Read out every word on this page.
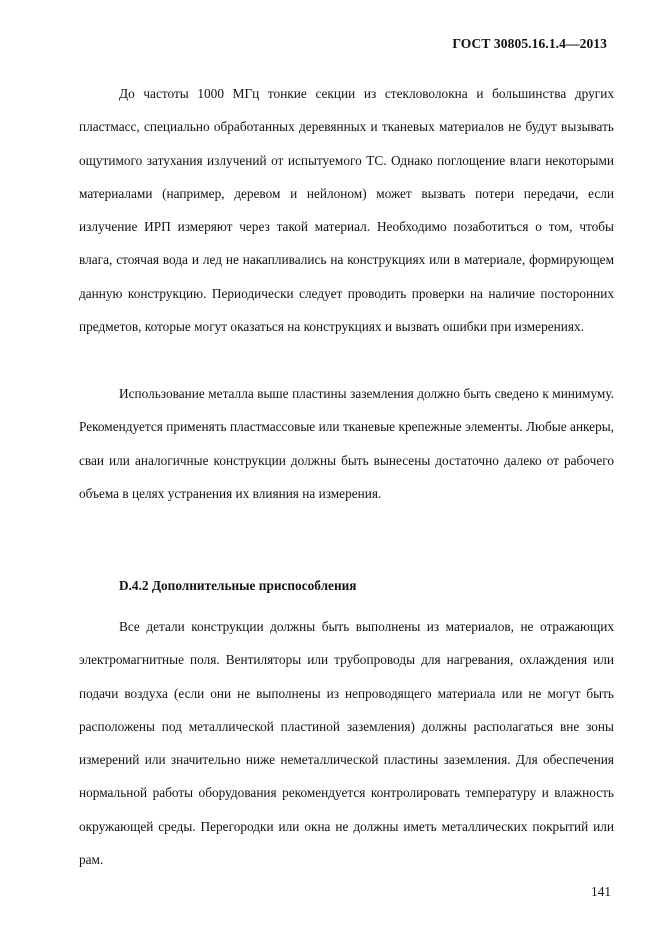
ГОСТ 30805.16.1.4—2013

До частоты 1000 МГц тонкие секции из стекловолокна и большинства других пластмасс, специально обработанных деревянных и тканевых материалов не будут вызывать ощутимого затухания излучений от испытуемого ТС. Однако поглощение влаги некоторыми материалами (например, деревом и нейлоном) может вызвать потери передачи, если излучение ИРП измеряют через такой материал. Необходимо позаботиться о том, чтобы влага, стоячая вода и лед не накапливались на конструкциях или в материале, формирующем данную конструкцию. Периодически следует проводить проверки на наличие посторонних предметов, которые могут оказаться на конструкциях и вызвать ошибки при измерениях.

Использование металла выше пластины заземления должно быть сведено к минимуму. Рекомендуется применять пластмассовые или тканевые крепежные элементы. Любые анкеры, сваи или аналогичные конструкции должны быть вынесены достаточно далеко от рабочего объема в целях устранения их влияния на измерения.

D.4.2 Дополнительные приспособления

Все детали конструкции должны быть выполнены из материалов, не отражающих электромагнитные поля. Вентиляторы или трубопроводы для нагревания, охлаждения или подачи воздуха (если они не выполнены из непроводящего материала или не могут быть расположены под металлической пластиной заземления) должны располагаться вне зоны измерений или значительно ниже неметаллической пластины заземления. Для обеспечения нормальной работы оборудования рекомендуется контролировать температуру и влажность окружающей среды. Перегородки или окна не должны иметь металлических покрытий или рам.

141
